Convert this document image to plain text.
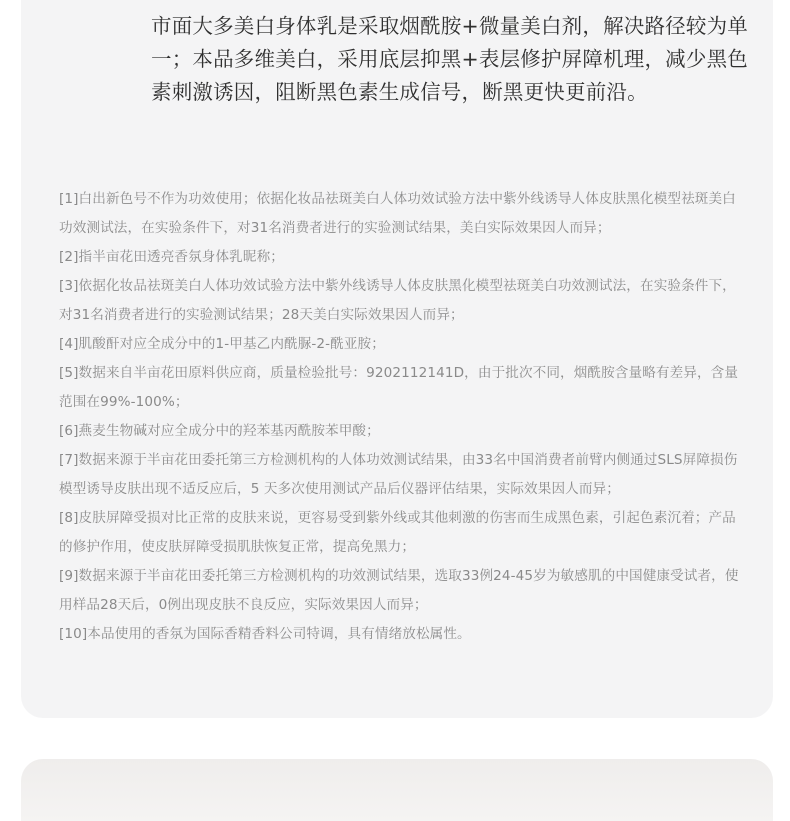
市面大多美白身体乳是采取烟酰胺+微量美白剂，解决路径较为单一；本品多维美白，采用底层抑黑+表层修护屏障机理，减少黑色素刺激诱因，阻断黑色素生成信号，断黑更快更前沿。

[1]白出新色号不作为功效使用；依据化妆品祛斑美白人体功效试验方法中紫外线诱导人体皮肤黑化模型祛斑美白功效测试法，在实验条件下，对31名消费者进行的实验测试结果，美白实际效果因人而异；
[2]指半亩花田透亮香氛身体乳昵称；
[3]依据化妆品祛斑美白人体功效试验方法中紫外线诱导人体皮肤黑化模型祛斑美白功效测试法，在实验条件下，对31名消费者进行的实验测试结果；28天美白实际效果因人而异；
[4]肌酸酐对应全成分中的1-甲基乙内酰脲-2-酰亚胺；
[5]数据来自半亩花田原料供应商，质量检验批号：9202112141D，由于批次不同，烟酰胺含量略有差异，含量范围在99%-100%；
[6]燕麦生物碱对应全成分中的羟苯基丙酰胺苯甲酸；
[7]数据来源于半亩花田委托第三方检测机构的人体功效测试结果，由33名中国消费者前臂内侧通过SLS屏障损伤模型诱导皮肤出现不适反应后，5 天多次使用测试产品后仪器评估结果，实际效果因人而异；
[8]皮肤屏障受损对比正常的皮肤来说，更容易受到紫外线或其他刺激的伤害而生成黑色素，引起色素沉着；产品的修护作用，使皮肤屏障受损肌肤恢复正常，提高免黑力；
[9]数据来源于半亩花田委托第三方检测机构的功效测试结果，选取33例24-45岁为敏感肌的中国健康受试者，使用样品28天后，0例出现皮肤不良反应，实际效果因人而异；
[10]本品使用的香氛为国际香精香料公司特调，具有情绪放松属性。
